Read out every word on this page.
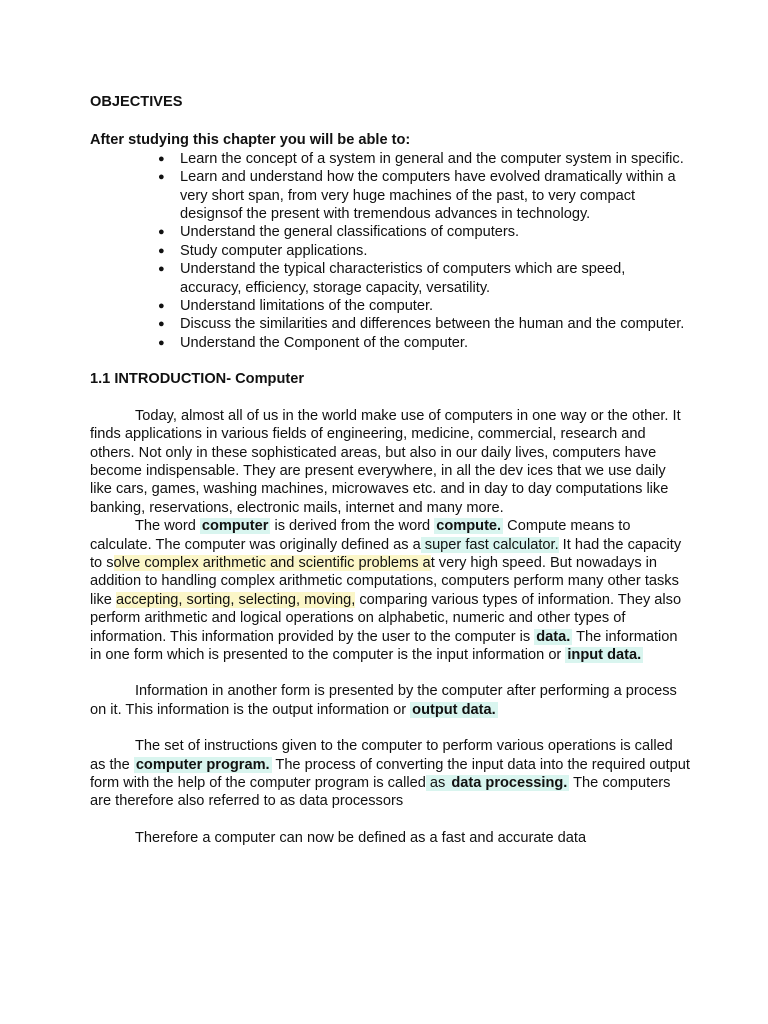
OBJECTIVES

After studying this chapter you will be able to:

● Learn the concept of a system in general and the computer system in specific.
● Learn and understand how the computers have evolved dramatically within a very short span, from very huge machines of the past, to very compact designsof the present with tremendous advances in technology.
● Understand the general classifications of computers.
● Study computer applications.
● Understand the typical characteristics of computers which are speed, accuracy, efficiency, storage capacity, versatility.
● Understand limitations of the computer.
● Discuss the similarities and differences between the human and the computer.
● Understand the Component of the computer.
1.1 INTRODUCTION- Computer

Today, almost all of us in the world make use of computers in one way or the other. It finds applications in various fields of engineering, medicine, commercial, research and others. Not only in these sophisticated areas, but also in our daily lives, computers have become indispensable. They are present everywhere, in all the dev ices that we use daily like cars, games, washing machines, microwaves etc. and in day to day computations like banking, reservations, electronic mails, internet and many more.

The word computer is derived from the word compute. Compute means to calculate. The computer was originally defined as a super fast calculator. It had the capacity to solve complex arithmetic and scientific problems at very high speed. But nowadays in addition to handling complex arithmetic computations, computers perform many other tasks like accepting, sorting, selecting, moving, comparing various types of information. They also perform arithmetic and logical operations on alphabetic, numeric and other types of information. This information provided by the user to the computer is data. The information in one form which is presented to the computer is the input information or input data.

Information in another form is presented by the computer after performing a process on it. This information is the output information or output data.

The set of instructions given to the computer to perform various operations is called as the computer program. The process of converting the input data into the required output form with the help of the computer program is called as data processing. The computers are therefore also referred to as data processors

Therefore a computer can now be defined as a fast and accurate data
